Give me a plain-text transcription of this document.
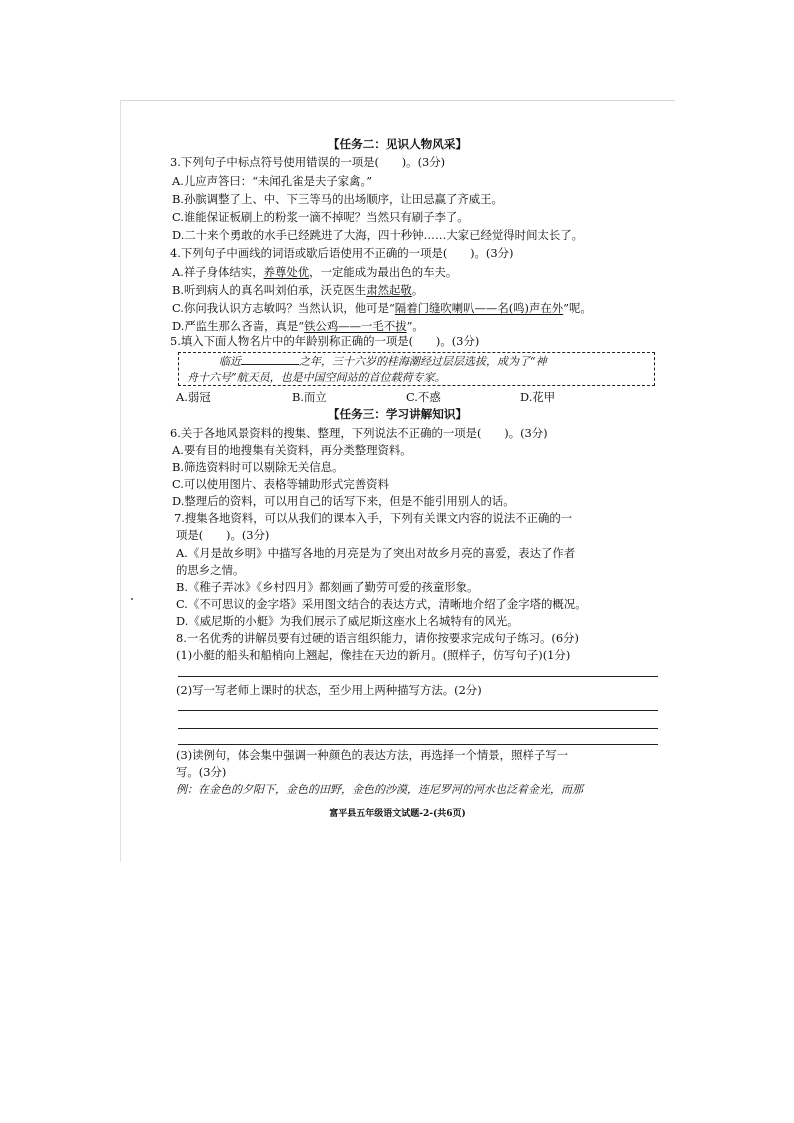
【任务二：见识人物风采】
3.下列句子中标点符号使用错误的一项是(　　)。(3分)
A.儿应声答曰：“未闻孔雀是夫子家禽。”
B.孙膑调整了上、中、下三等马的出场顺序，让田忌赢了齐威王。
C.谁能保证板刷上的粉浆一滴不掉呢？当然只有刷子李了。
D.二十来个勇敢的水手已经跳进了大海，四十秒钟……大家已经觉得时间太长了。
4.下列句子中画线的词语或歇后语使用不正确的一项是(　　)。(3分)
A.祥子身体结实，养尊处优，一定能成为最出色的车夫。
B.听到病人的真名叫刘伯承，沃克医生肃然起敬。
C.你问我认识方志敏吗？当然认识，他可是“隔着门缝吹喇叭——名(鸣)声在外”呢。
D.严监生那么吝啬，真是“铁公鸡——一毛不拔”。
5.填入下面人物名片中的年龄别称正确的一项是(　　)。(3分)
临近	之年，三十六岁的桂海潮经过层层选拔，成为了“神
舟十六号”航天员，也是中国空间站的首位载荷专家。
A.弱冠	B.而立	C.不惑	D.花甲
【任务三：学习讲解知识】
6.关于各地风景资料的搜集、整理，下列说法不正确的一项是(　　)。(3分)
A.要有目的地搜集有关资料，再分类整理资料。
B.筛选资料时可以剔除无关信息。
C.可以使用图片、表格等辅助形式完善资料
D.整理后的资料，可以用自己的话写下来，但是不能引用别人的话。
7.搜集各地资料，可以从我们的课本入手，下列有关课文内容的说法不正确的一
项是(　　)。(3分)
A.《月是故乡明》中描写各地的月亮是为了突出对故乡月亮的喜爱，表达了作者
的思乡之情。
B.《稚子弄冰》《乡村四月》都刻画了勤劳可爱的孩童形象。
C.《不可思议的金字塔》采用图文结合的表达方式，清晰地介绍了金字塔的概况。
D.《威尼斯的小艇》为我们展示了威尼斯这座水上名城特有的风光。
8.一名优秀的讲解员要有过硬的语言组织能力，请你按要求完成句子练习。(6分)
(1)小艇的船头和船梢向上翘起，像挂在天边的新月。(照样子，仿写句子)(1分)
(2)写一写老师上课时的状态，至少用上两种描写方法。(2分)
(3)读例句，体会集中强调一种颜色的表达方法，再选择一个情景，照样子写一
写。(3分)
例：在金色的夕阳下，金色的田野，金色的沙漠，连尼罗河的河水也泛着金光，而那
富平县五年级语文试题-2-(共6页)
